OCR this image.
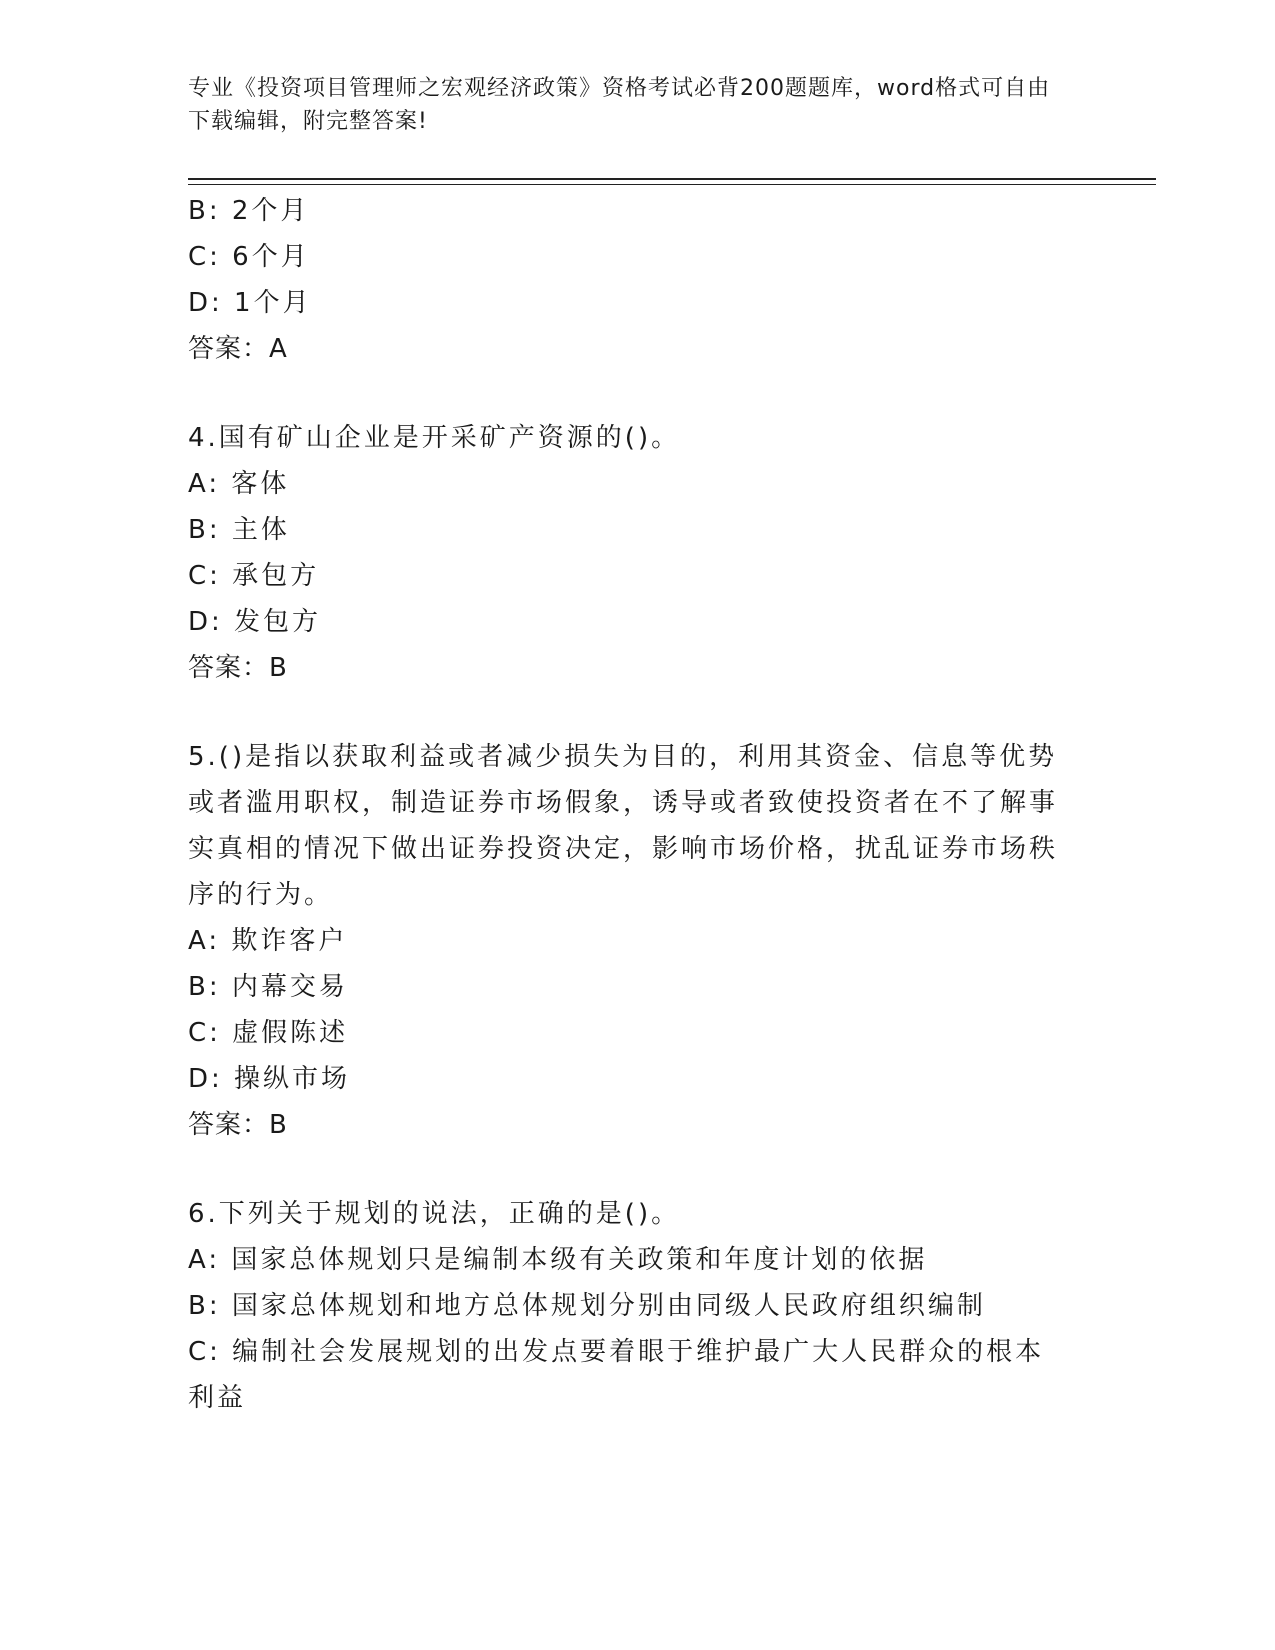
专业《投资项目管理师之宏观经济政策》资格考试必背200题题库，word格式可自由下载编辑，附完整答案!
B: 2个月
C: 6个月
D: 1个月
答案：A
4.国有矿山企业是开采矿产资源的()。
A: 客体
B: 主体
C: 承包方
D: 发包方
答案：B
5.()是指以获取利益或者减少损失为目的，利用其资金、信息等优势或者滥用职权，制造证券市场假象，诱导或者致使投资者在不了解事实真相的情况下做出证券投资决定，影响市场价格，扰乱证券市场秩序的行为。
A: 欺诈客户
B: 内幕交易
C: 虚假陈述
D: 操纵市场
答案：B
6.下列关于规划的说法，正确的是()。
A: 国家总体规划只是编制本级有关政策和年度计划的依据
B: 国家总体规划和地方总体规划分别由同级人民政府组织编制
C: 编制社会发展规划的出发点要着眼于维护最广大人民群众的根本利益
